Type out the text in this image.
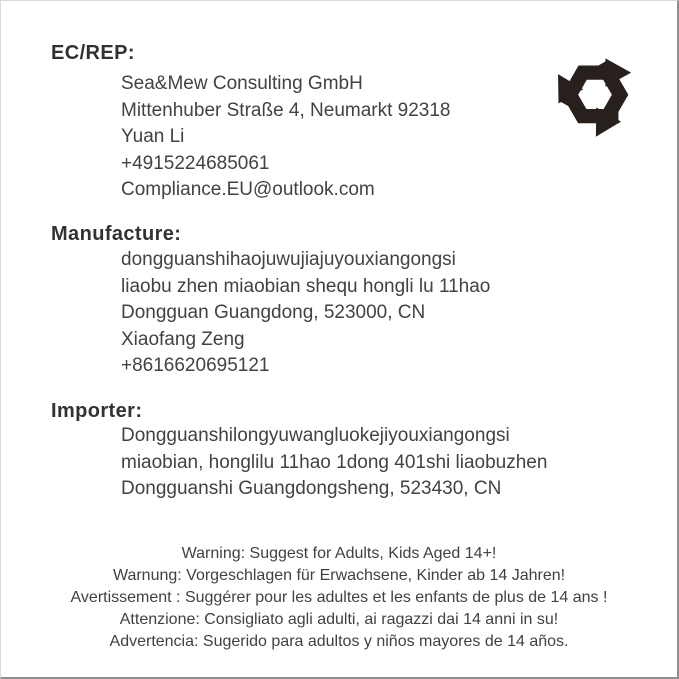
EC/REP:
Sea&Mew Consulting GmbH
Mittenhuber Straße 4, Neumarkt 92318
Yuan Li
+4915224685061
Compliance.EU@outlook.com
Manufacture:
dongguanshihaojuwujiajuyouxiangongsi
liaobu zhen miaobian shequ hongli lu 11hao
Dongguan Guangdong, 523000, CN
Xiaofang Zeng
+8616620695121
Importer:
Dongguanshilongyuwangluokejiyouxiangongsi
miaobian, honglilu 11hao 1dong 401shi liaobuzhen
Dongguanshi Guangdongsheng, 523430, CN
Warning: Suggest for Adults, Kids Aged 14+!
Warnung: Vorgeschlagen für Erwachsene, Kinder ab 14 Jahren!
Avertissement : Suggérer pour les adultes et les enfants de plus de 14 ans !
Attenzione: Consigliato agli adulti, ai ragazzi dai 14 anni in su!
Advertencia: Sugerido para adultos y niños mayores de 14 años.
